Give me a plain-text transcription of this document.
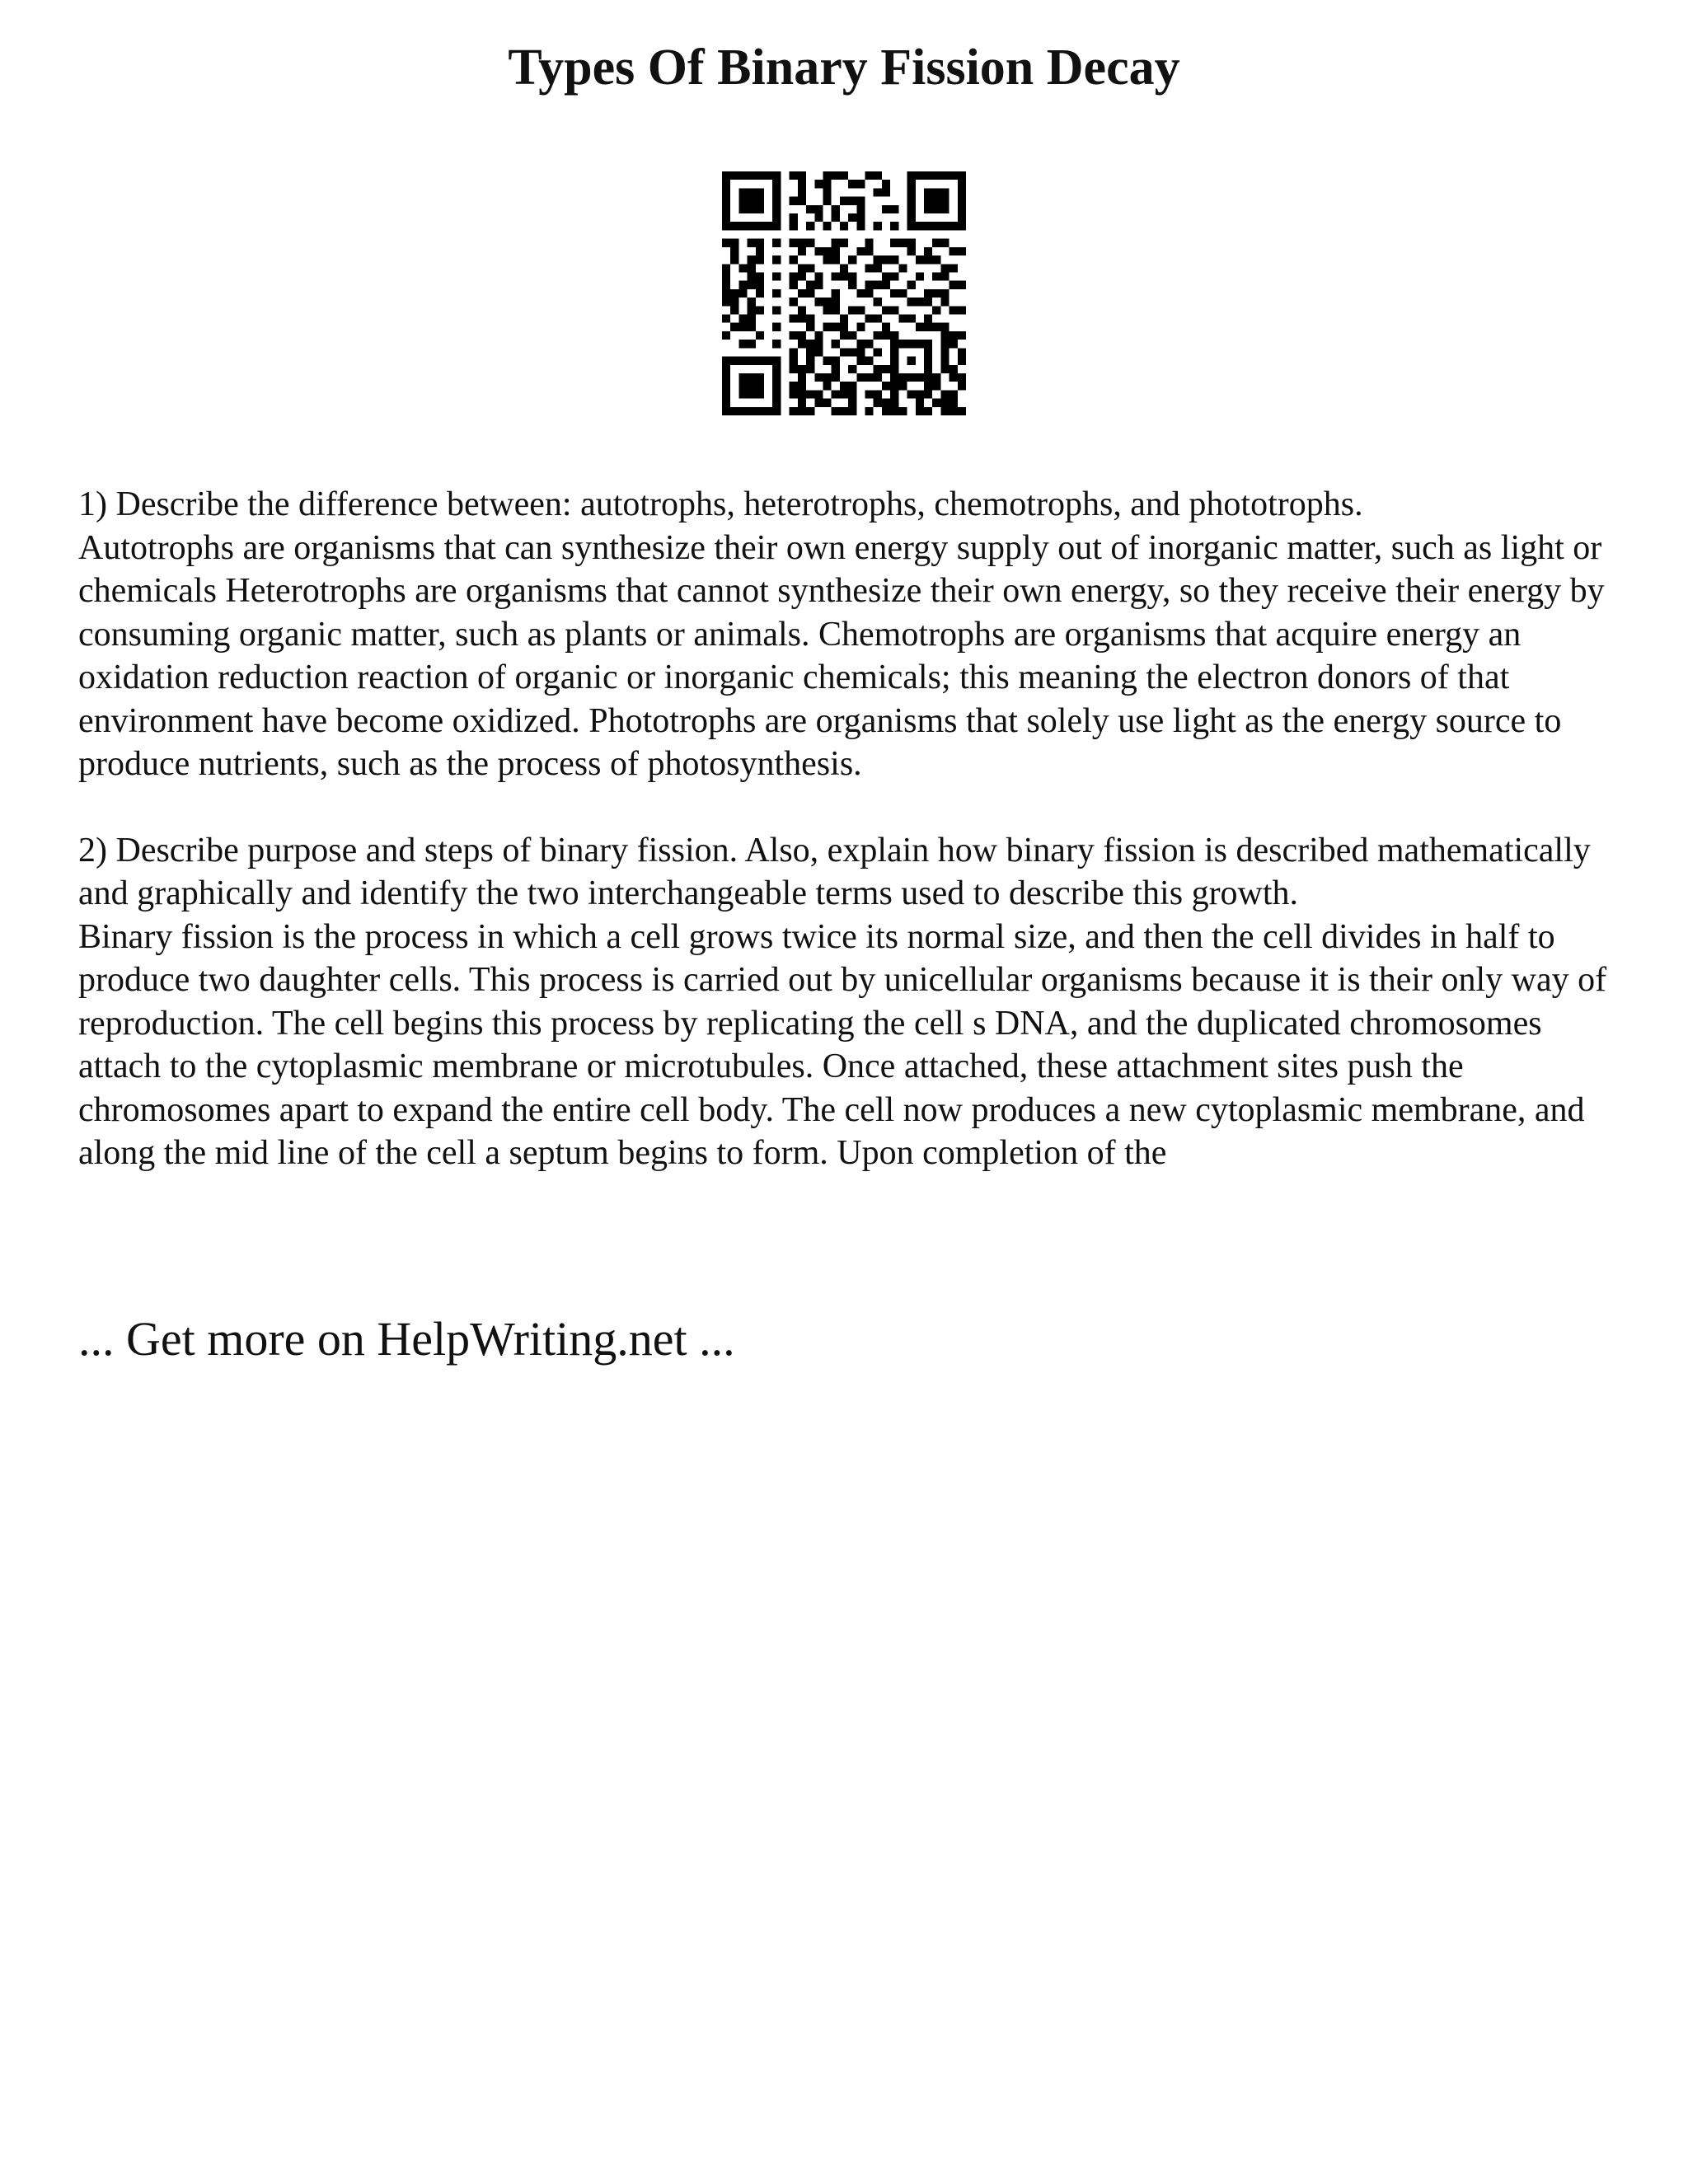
Types Of Binary Fission Decay

1) Describe the difference between: autotrophs, heterotrophs, chemotrophs, and phototrophs.

Autotrophs are organisms that can synthesize their own energy supply out of inorganic matter, such as light or chemicals Heterotrophs are organisms that cannot synthesize their own energy, so they receive their energy by consuming organic matter, such as plants or animals. Chemotrophs are organisms that acquire energy an oxidation reduction reaction of organic or inorganic chemicals; this meaning the electron donors of that environment have become oxidized. Phototrophs are organisms that solely use light as the energy source to produce nutrients, such as the process of photosynthesis.

2) Describe purpose and steps of binary fission. Also, explain how binary fission is described mathematically and graphically and identify the two interchangeable terms used to describe this growth.

Binary fission is the process in which a cell grows twice its normal size, and then the cell divides in half to produce two daughter cells. This process is carried out by unicellular organisms because it is their only way of reproduction. The cell begins this process by replicating the cell s DNA, and the duplicated chromosomes attach to the cytoplasmic membrane or microtubules. Once attached, these attachment sites push the chromosomes apart to expand the entire cell body. The cell now produces a new cytoplasmic membrane, and along the mid line of the cell a septum begins to form. Upon completion of the

... Get more on HelpWriting.net ...
